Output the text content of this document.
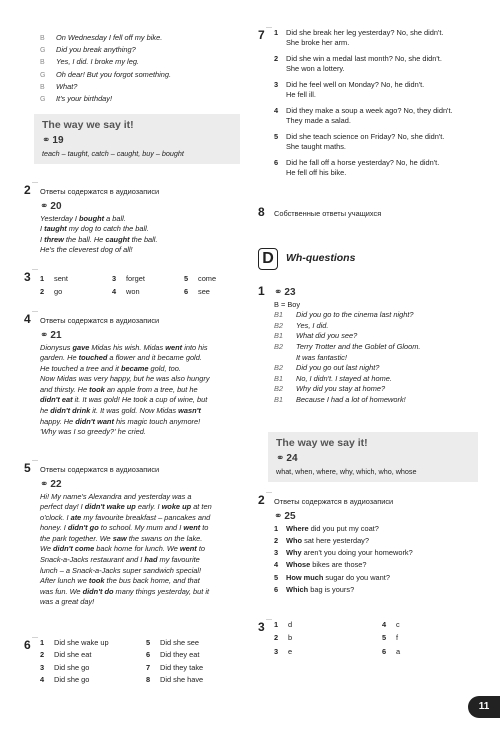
B	On Wednesday I fell off my bike.
G	Did you break anything?
B	Yes, I did. I broke my leg.
G	Oh dear! But you forgot something.
B	What?
G	It's your birthday!
The way we say it!
⚭ 19
teach – taught, catch – caught, buy – bought
2 —
Ответы содержатся в аудиозаписи
⚭ 20
Yesterday I bought a ball.
I taught my dog to catch the ball.
I threw the ball. He caught the ball.
He's the cleverest dog of all!
3 —
1	sent	3	forget	5	come
2	go	4	won	6	see
4 —
Ответы содержатся в аудиозаписи
⚭ 21
Dionysus gave Midas his wish. Midas went into his
garden. He touched a flower and it became gold.
He touched a tree and it became gold, too.
Now Midas was very happy, but he was also hungry
and thirsty. He took an apple from a tree, but he
didn't eat it. It was gold! He took a cup of wine, but
he didn't drink it. It was gold. Now Midas wasn't
happy. He didn't want his magic touch anymore!
'Why was I so greedy?' he cried.
5 —
Ответы содержатся в аудиозаписи
⚭ 22
Hi! My name's Alexandra and yesterday was a
perfect day! I didn't wake up early. I woke up at ten
o'clock. I ate my favourite breakfast – pancakes and
honey. I didn't go to school. My mum and I went to
the park together. We saw the swans on the lake.
We didn't come back home for lunch. We went to
Snack-a-Jacks restaurant and I had my favourite
lunch – a Snack-a-Jacks super sandwich special!
After lunch we took the bus back home, and that
was fun. We didn't do many things yesterday, but it
was a great day!
6 — 1	Did she wake up	5	Did she see
2	Did she eat	6	Did they eat
3	Did she go	7	Did they take
4	Did she go	8	Did she have
7 — 1	Did she break her leg yesterday? No, she didn't.
She broke her arm.
2	Did she win a medal last month? No, she didn't.
She won a lottery.
3	Did he feel well on Monday? No, he didn't.
He fell ill.
4	Did they make a soup a week ago? No, they didn't.
They made a salad.
5	Did she teach science on Friday? No, she didn't.
She taught maths.
6	Did he fall off a horse yesterday? No, he didn't.
He fell off his bike.
8	Собственные ответы учащихся
D	Wh-questions
1 ⚭ 23
B = Boy
B1	Did you go to the cinema last night?
B2	Yes, I did.
B1	What did you see?
B2	Terry Trotter and the Goblet of Gloom.
It was fantastic!
B2	Did you go out last night?
B1	No, I didn't. I stayed at home.
B2	Why did you stay at home?
B1	Because I had a lot of homework!
The way we say it!
⚭ 24
what, when, where, why, which, who, whose
2 —
Ответы содержатся в аудиозаписи
⚭ 25
1	Where did you put my coat?
2	Who sat here yesterday?
3	Why aren't you doing your homework?
4	Whose bikes are those?
5	How much sugar do you want?
6	Which bag is yours?
3 — 1	d	4	c
2	b	5	f
3	e	6	a
11
